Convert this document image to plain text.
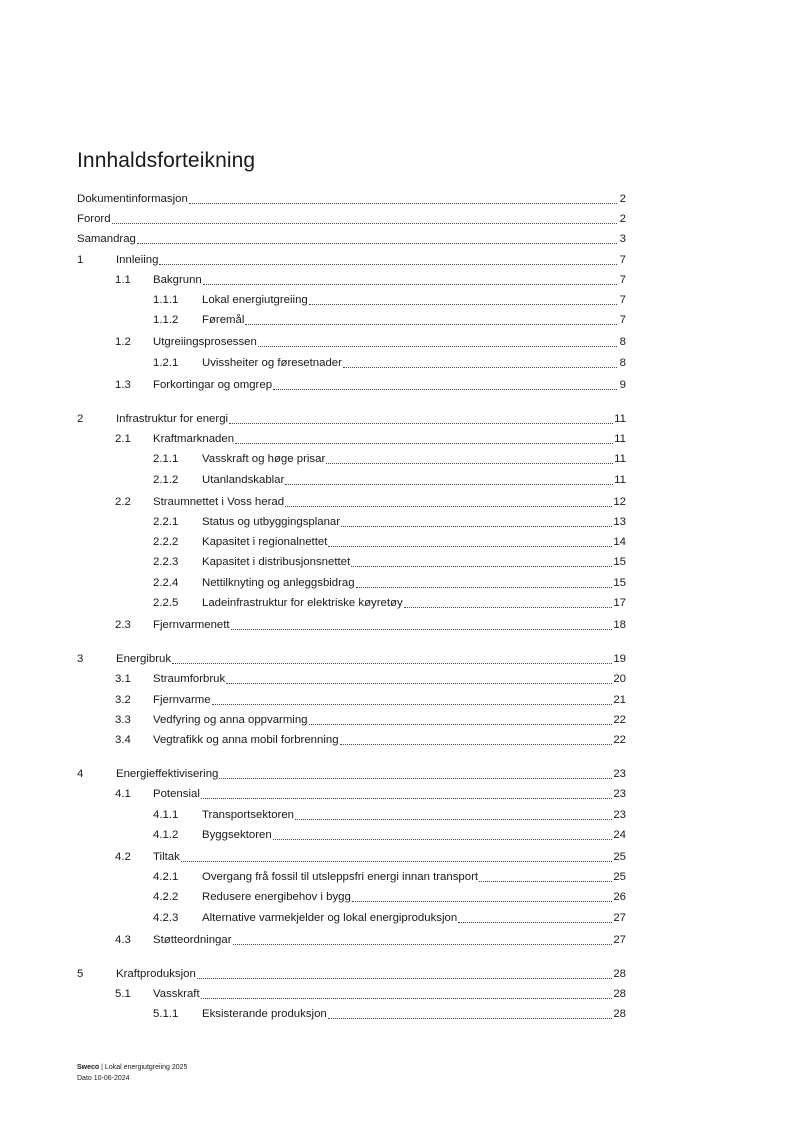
Innhaldsforteikning
Dokumentinformasjon	2
Forord	2
Samandrag	3
1	Innleiing	7
1.1 Bakgrunn	7
1.1.1 Lokal energiutgreiing	7
1.1.2 Føremål	7
1.2 Utgreiingsprosessen	8
1.2.1 Uvissheiter og føresetnader	8
1.3 Forkortingar og omgrep	9
2	Infrastruktur for energi	11
2.1 Kraftmarknaden	11
2.1.1 Vasskraft og høge prisar	11
2.1.2 Utanlandskablar	11
2.2 Straumnettet i Voss herad	12
2.2.1 Status og utbyggingsplanar	13
2.2.2 Kapasitet i regionalnettet	14
2.2.3 Kapasitet i distribusjonsnettet	15
2.2.4 Nettilknyting og anleggsbidrag	15
2.2.5 Ladeinfrastruktur for elektriske køyretøy	17
2.3 Fjernvarmenett	18
3	Energibruk	19
3.1 Straumforbruk	20
3.2 Fjernvarme	21
3.3 Vedfyring og anna oppvarming	22
3.4 Vegtrafikk og anna mobil forbrenning	22
4	Energieffektivisering	23
4.1 Potensial	23
4.1.1 Transportsektoren	23
4.1.2 Byggsektoren	24
4.2 Tiltak	25
4.2.1 Overgang frå fossil til utsleppsfri energi innan transport	25
4.2.2 Redusere energibehov i bygg	26
4.2.3 Alternative varmekjelder og lokal energiproduksjon	27
4.3 Støtteordningar	27
5	Kraftproduksjon	28
5.1 Vasskraft	28
5.1.1 Eksisterande produksjon	28
Sweco | Lokal energiutgreiing 2025
Dato 10-06-2024
